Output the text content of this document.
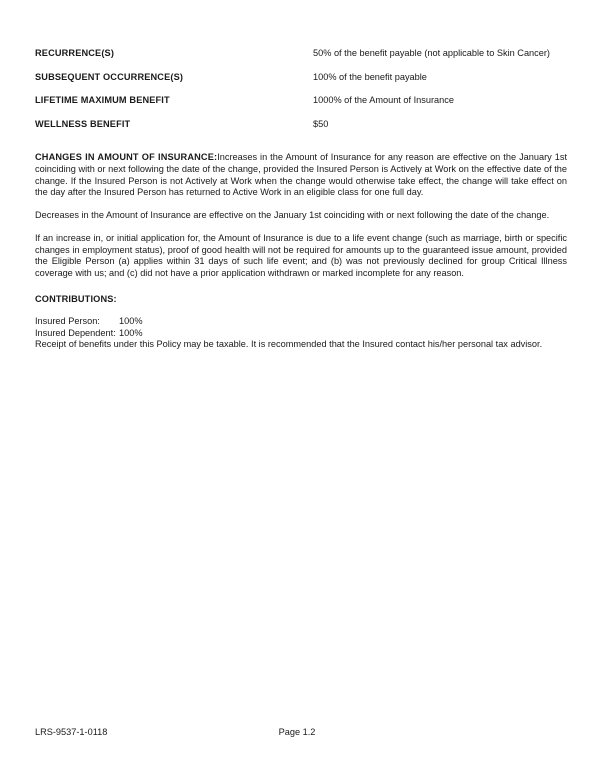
RECURRENCE(S)	50% of the benefit payable (not applicable to Skin Cancer)
SUBSEQUENT OCCURRENCE(S)	100% of the benefit payable
LIFETIME MAXIMUM BENEFIT	1000% of the Amount of Insurance
WELLNESS BENEFIT	$50

CHANGES IN AMOUNT OF INSURANCE:Increases in the Amount of Insurance for any reason are effective on the January 1st coinciding with or next following the date of the change, provided the Insured Person is Actively at Work on the effective date of the change. If the Insured Person is not Actively at Work when the change would otherwise take effect, the change will take effect on the day after the Insured Person has returned to Active Work in an eligible class for one full day.

Decreases in the Amount of Insurance are effective on the January 1st coinciding with or next following the date of the change.

If an increase in, or initial application for, the Amount of Insurance is due to a life event change (such as marriage, birth or specific changes in employment status), proof of good health will not be required for amounts up to the guaranteed issue amount, provided the Eligible Person (a) applies within 31 days of such life event; and (b) was not previously declined for group Critical Illness coverage with us; and (c) did not have a prior application withdrawn or marked incomplete for any reason.

CONTRIBUTIONS:
Insured Person: 100%
Insured Dependent: 100%

Receipt of benefits under this Policy may be taxable. It is recommended that the Insured contact his/her personal tax advisor.

LRS-9537-1-0118	Page 1.2
